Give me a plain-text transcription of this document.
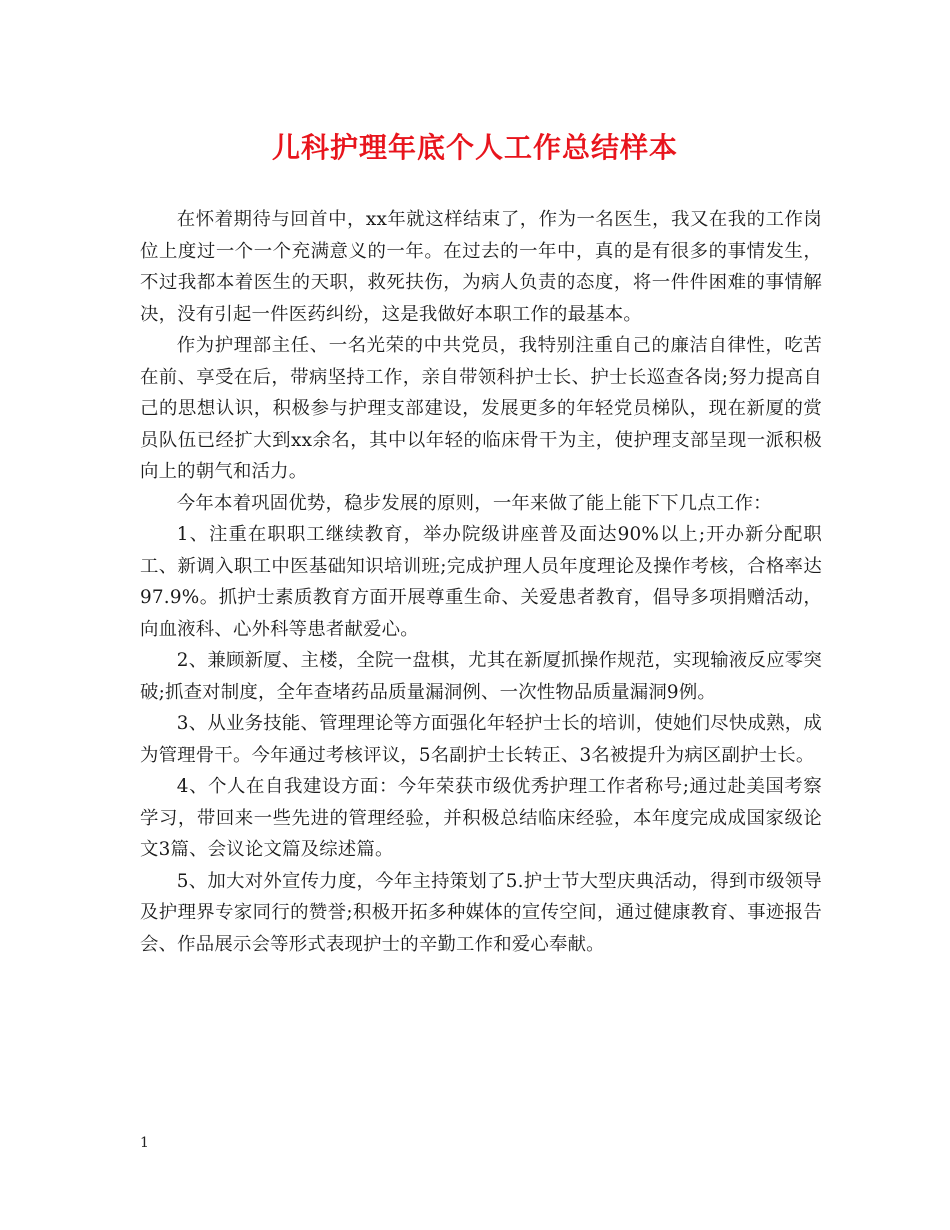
儿科护理年底个人工作总结样本

在怀着期待与回首中，xx年就这样结束了，作为一名医生，我又在我的工作岗位上度过一个一个充满意义的一年。在过去的一年中，真的是有很多的事情发生，不过我都本着医生的天职，救死扶伤，为病人负责的态度，将一件件困难的事情解决，没有引起一件医药纠纷，这是我做好本职工作的最基本。

作为护理部主任、一名光荣的中共党员，我特别注重自己的廉洁自律性，吃苦在前、享受在后，带病坚持工作，亲自带领科护士长、护士长巡查各岗;努力提高自己的思想认识，积极参与护理支部建设，发展更多的年轻党员梯队，现在新厦的赏员队伍已经扩大到xx余名，其中以年轻的临床骨干为主，使护理支部呈现一派积极向上的朝气和活力。

今年本着巩固优势，稳步发展的原则，一年来做了能上能下下几点工作：

1、注重在职职工继续教育，举办院级讲座普及面达90%以上;开办新分配职工、新调入职工中医基础知识培训班;完成护理人员年度理论及操作考核，合格率达97.9%。抓护士素质教育方面开展尊重生命、关爱患者教育，倡导多项捐赠活动，向血液科、心外科等患者献爱心。

2、兼顾新厦、主楼，全院一盘棋，尤其在新厦抓操作规范，实现输液反应零突破;抓查对制度，全年查堵药品质量漏洞例、一次性物品质量漏洞9例。

3、从业务技能、管理理论等方面强化年轻护士长的培训，使她们尽快成熟，成为管理骨干。今年通过考核评议，5名副护士长转正、3名被提升为病区副护士长。

4、个人在自我建设方面：今年荣获市级优秀护理工作者称号;通过赴美国考察学习，带回来一些先进的管理经验，并积极总结临床经验，本年度完成成国家级论文3篇、会议论文篇及综述篇。

5、加大对外宣传力度，今年主持策划了5.护士节大型庆典活动，得到市级领导及护理界专家同行的赞誉;积极开拓多种媒体的宣传空间，通过健康教育、事迹报告会、作品展示会等形式表现护士的辛勤工作和爱心奉献。

1
